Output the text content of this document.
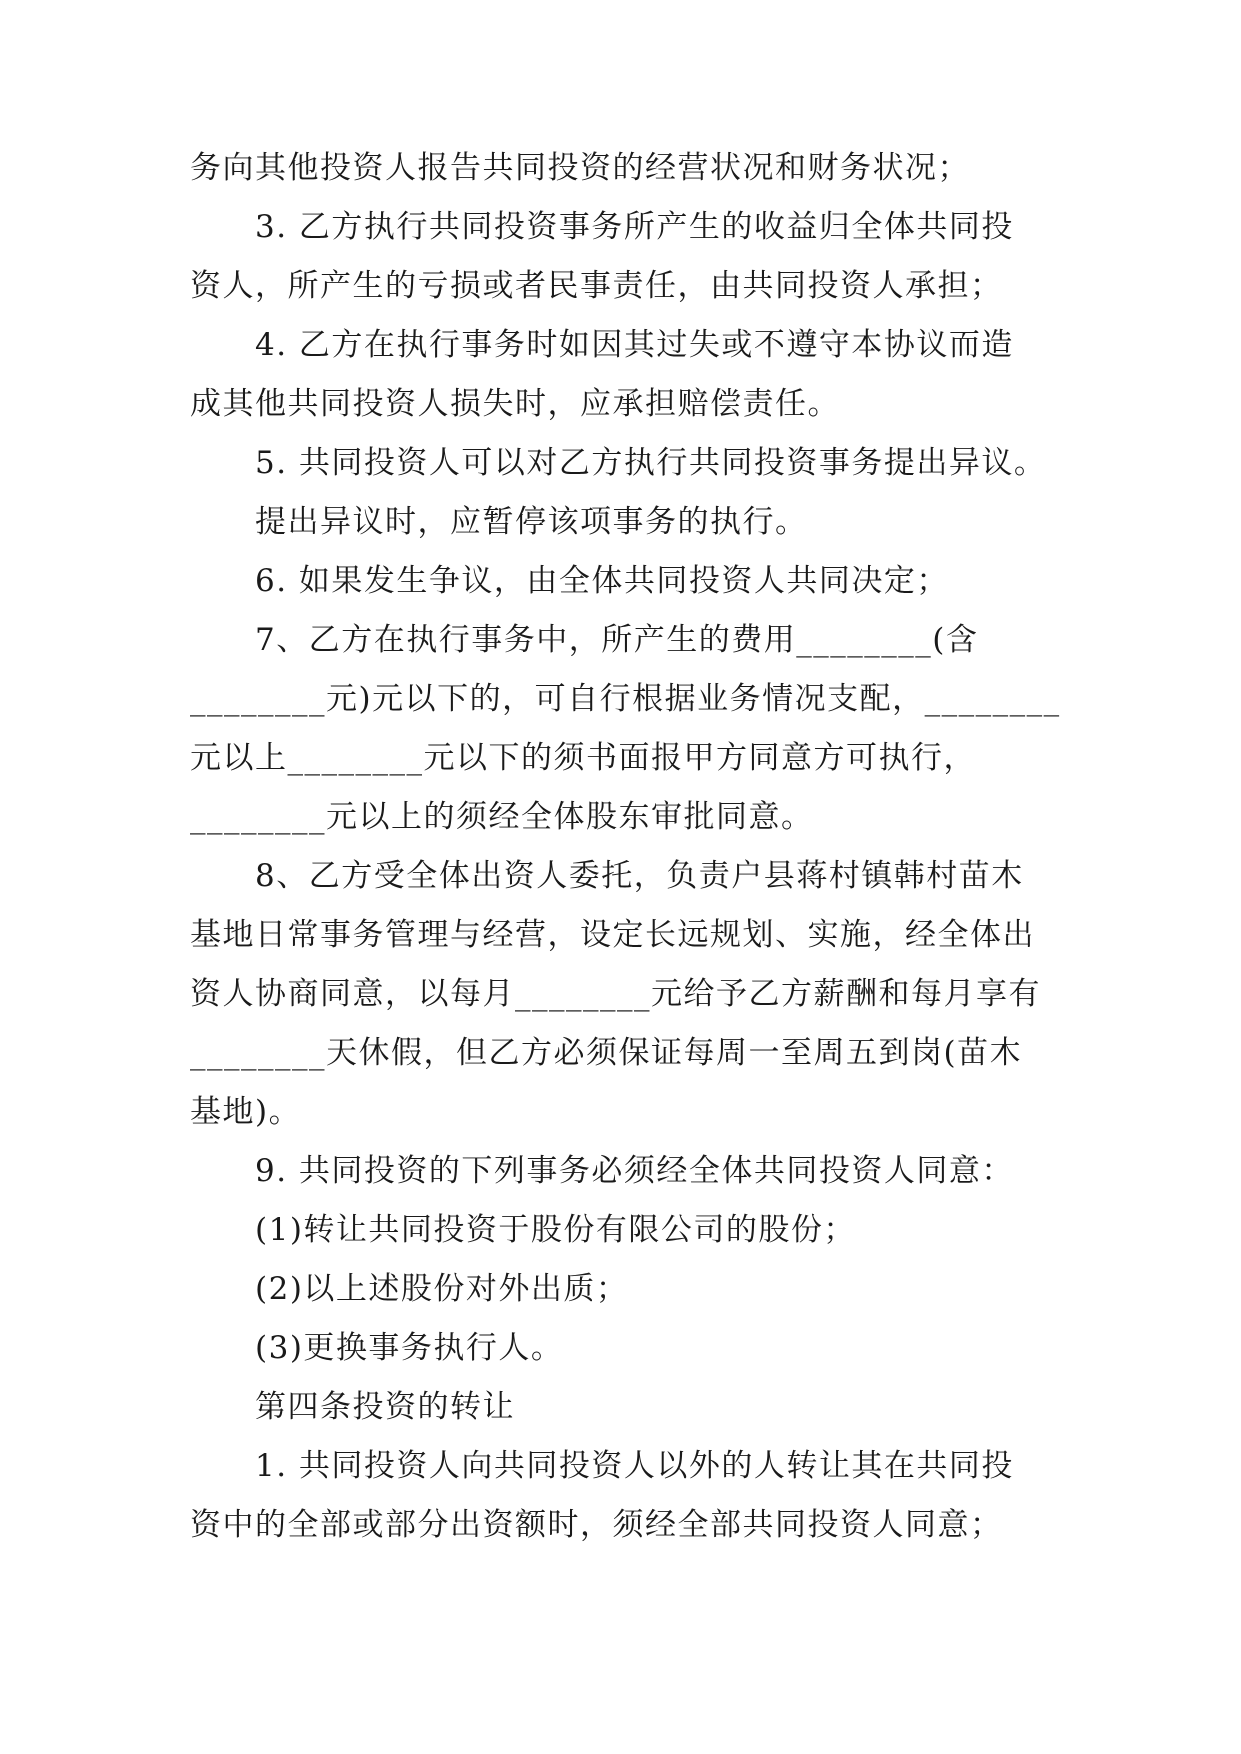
务向其他投资人报告共同投资的经营状况和财务状况；
3. 乙方执行共同投资事务所产生的收益归全体共同投
资人，所产生的亏损或者民事责任，由共同投资人承担；
4. 乙方在执行事务时如因其过失或不遵守本协议而造
成其他共同投资人损失时，应承担赔偿责任。
5. 共同投资人可以对乙方执行共同投资事务提出异议。
提出异议时，应暂停该项事务的执行。
6. 如果发生争议，由全体共同投资人共同决定；
7、乙方在执行事务中，所产生的费用________(含
________元)元以下的，可自行根据业务情况支配，________
元以上________元以下的须书面报甲方同意方可执行，
________元以上的须经全体股东审批同意。
8、乙方受全体出资人委托，负责户县蒋村镇韩村苗木
基地日常事务管理与经营，设定长远规划、实施，经全体出
资人协商同意，以每月________元给予乙方薪酬和每月享有
________天休假，但乙方必须保证每周一至周五到岗(苗木
基地)。
9. 共同投资的下列事务必须经全体共同投资人同意：
(1)转让共同投资于股份有限公司的股份；
(2)以上述股份对外出质；
(3)更换事务执行人。
第四条投资的转让
1. 共同投资人向共同投资人以外的人转让其在共同投
资中的全部或部分出资额时，须经全部共同投资人同意；
